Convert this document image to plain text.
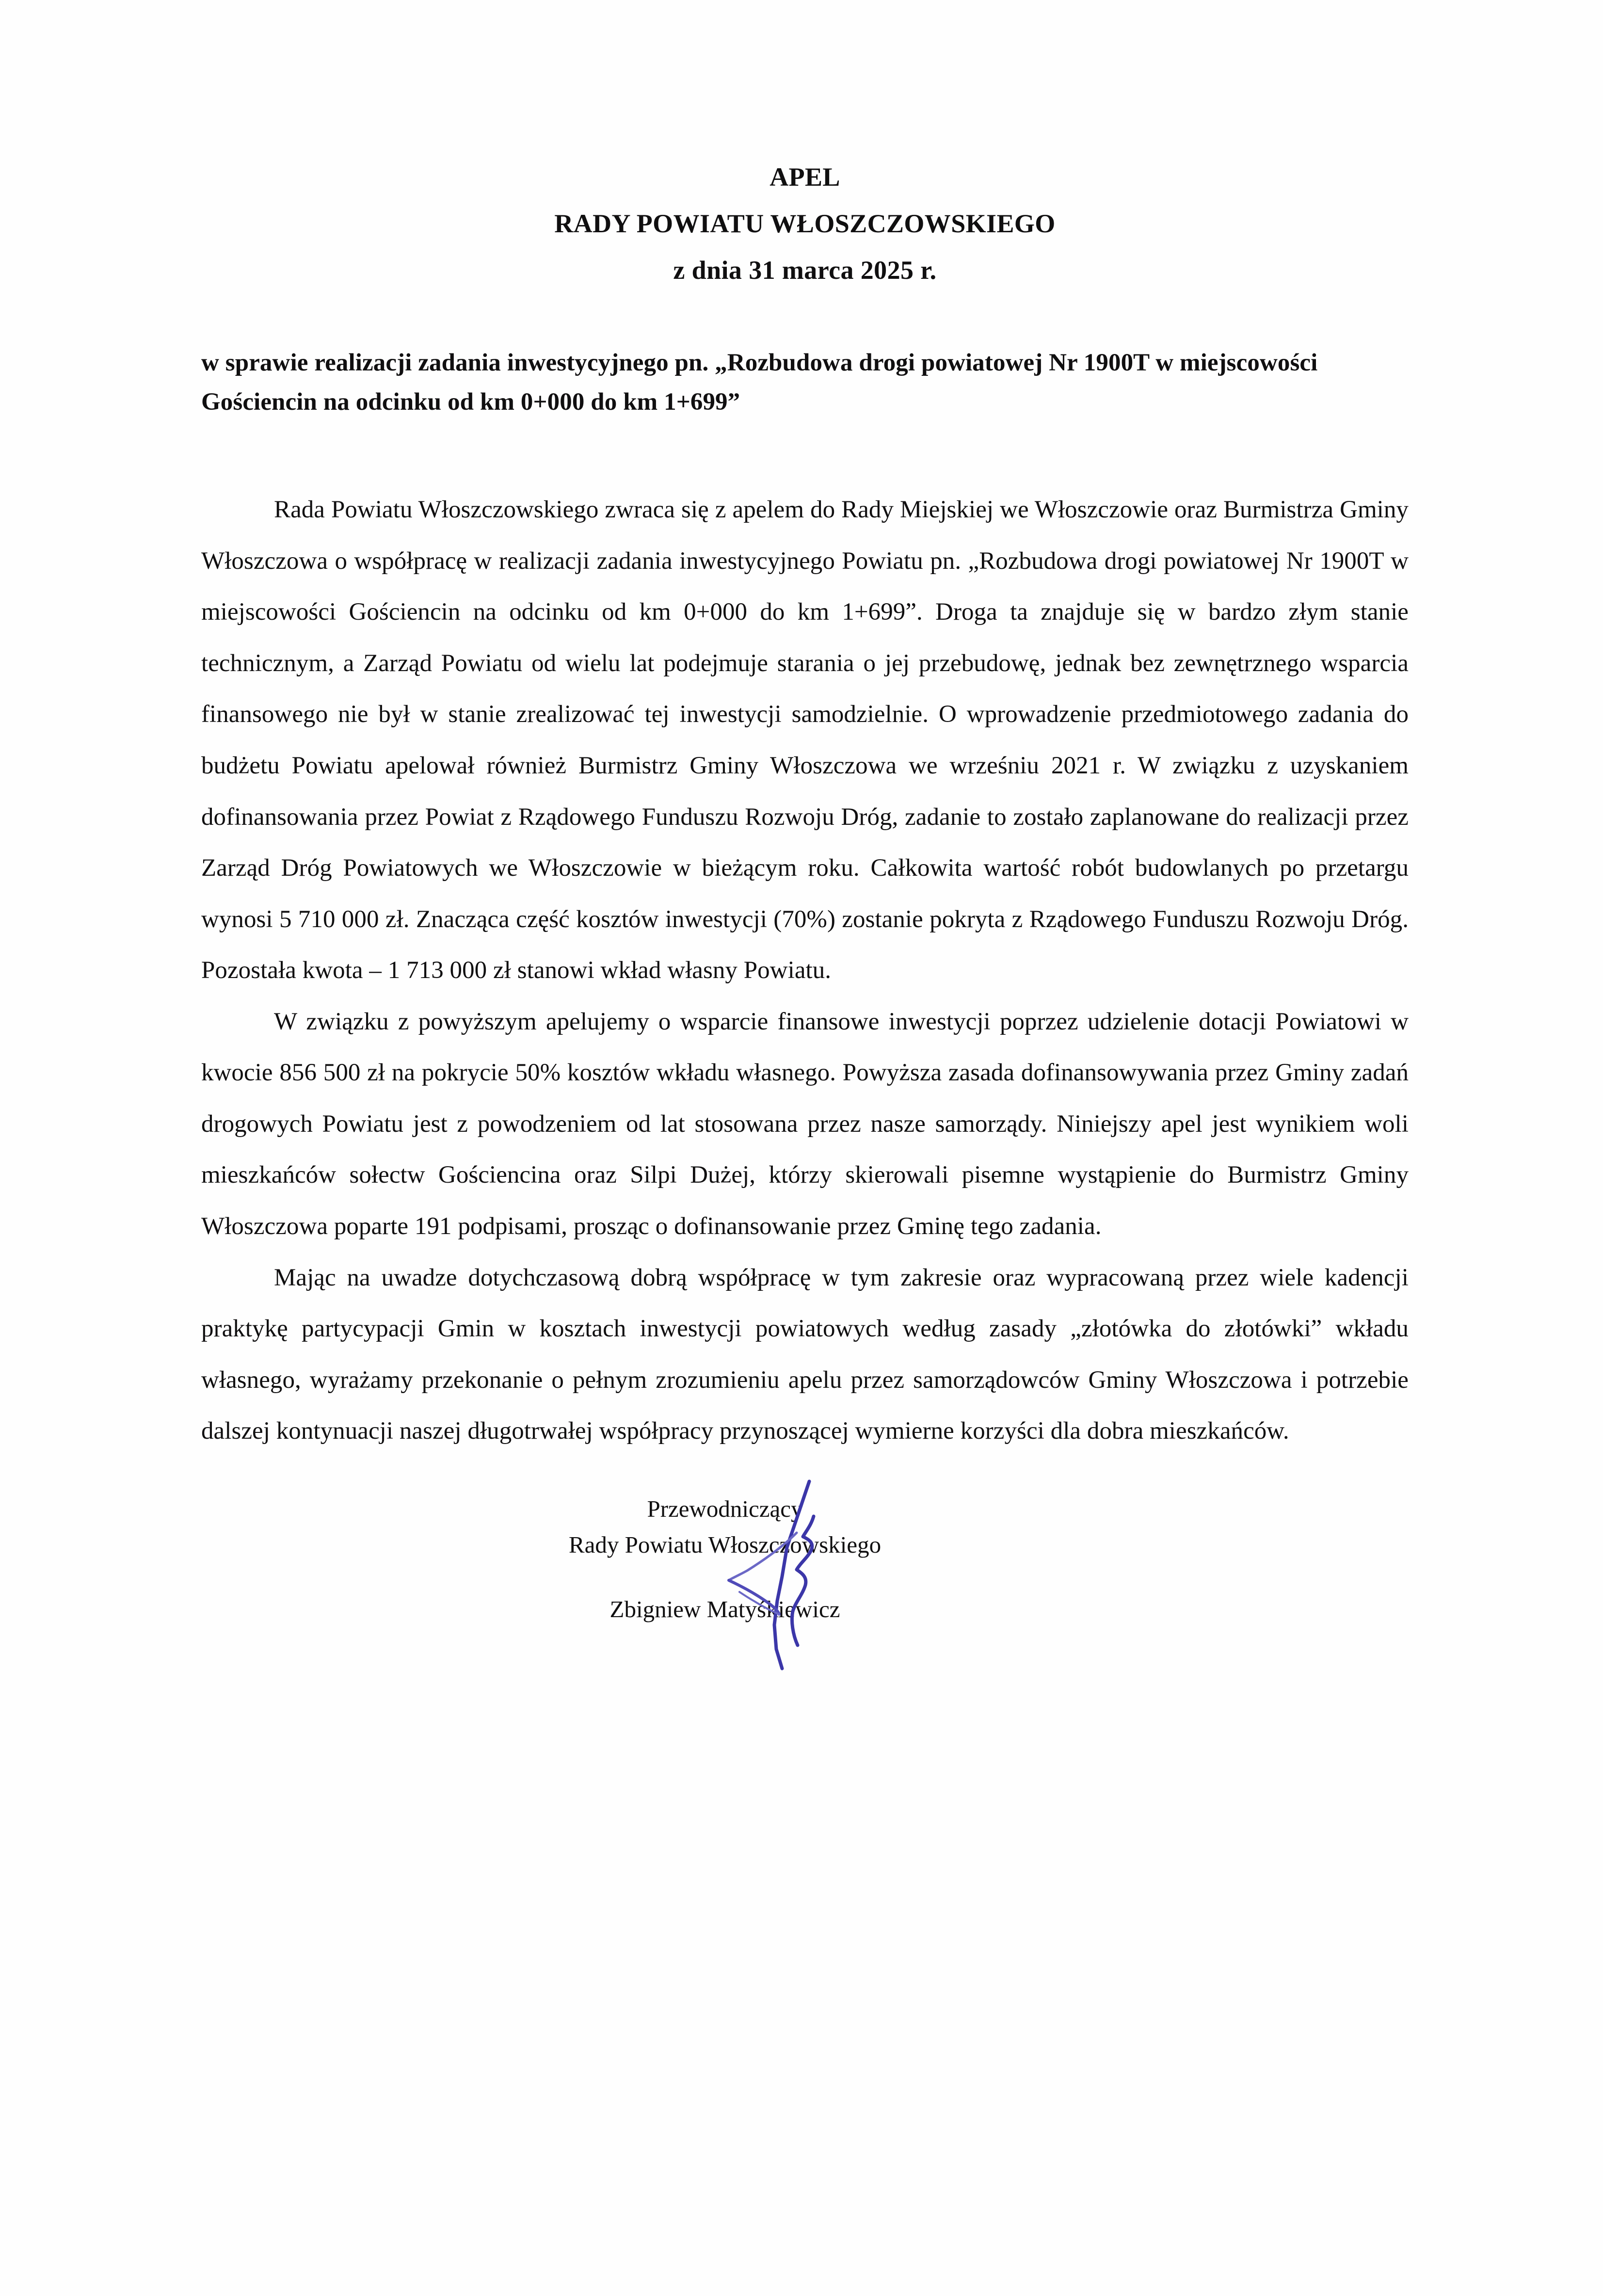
APEL
RADY POWIATU WŁOSZCZOWSKIEGO
z dnia 31 marca 2025 r.
w sprawie realizacji zadania inwestycyjnego pn. „Rozbudowa drogi powiatowej Nr 1900T w miejscowości Gościencin na odcinku od km 0+000 do km 1+699”

Rada Powiatu Włoszczowskiego zwraca się z apelem do Rady Miejskiej we Włoszczowie oraz Burmistrza Gminy Włoszczowa o współpracę w realizacji zadania inwestycyjnego Powiatu pn. „Rozbudowa drogi powiatowej Nr 1900T w miejscowości Gościencin na odcinku od km 0+000 do km 1+699”. Droga ta znajduje się w bardzo złym stanie technicznym, a Zarząd Powiatu od wielu lat podejmuje starania o jej przebudowę, jednak bez zewnętrznego wsparcia finansowego nie był w stanie zrealizować tej inwestycji samodzielnie. O wprowadzenie przedmiotowego zadania do budżetu Powiatu apelował również Burmistrz Gminy Włoszczowa we wrześniu 2021 r. W związku z uzyskaniem dofinansowania przez Powiat z Rządowego Funduszu Rozwoju Dróg, zadanie to zostało zaplanowane do realizacji przez Zarząd Dróg Powiatowych we Włoszczowie w bieżącym roku. Całkowita wartość robót budowlanych po przetargu wynosi 5 710 000 zł. Znacząca część kosztów inwestycji (70%) zostanie pokryta z Rządowego Funduszu Rozwoju Dróg. Pozostała kwota – 1 713 000 zł stanowi wkład własny Powiatu.

W związku z powyższym apelujemy o wsparcie finansowe inwestycji poprzez udzielenie dotacji Powiatowi w kwocie 856 500 zł na pokrycie 50% kosztów wkładu własnego. Powyższa zasada dofinansowywania przez Gminy zadań drogowych Powiatu jest z powodzeniem od lat stosowana przez nasze samorządy. Niniejszy apel jest wynikiem woli mieszkańców sołectw Gościencina oraz Silpi Dużej, którzy skierowali pisemne wystąpienie do Burmistrz Gminy Włoszczowa poparte 191 podpisami, prosząc o dofinansowanie przez Gminę tego zadania.

Mając na uwadze dotychczasową dobrą współpracę w tym zakresie oraz wypracowaną przez wiele kadencji praktykę partycypacji Gmin w kosztach inwestycji powiatowych według zasady „złotówka do złotówki” wkładu własnego, wyrażamy przekonanie o pełnym zrozumieniu apelu przez samorządowców Gminy Włoszczowa i potrzebie dalszej kontynuacji naszej długotrwałej współpracy przynoszącej wymierne korzyści dla dobra mieszkańców.

Przewodniczący
Rady Powiatu Włoszczowskiego
Zbigniew Matyśkiewicz
